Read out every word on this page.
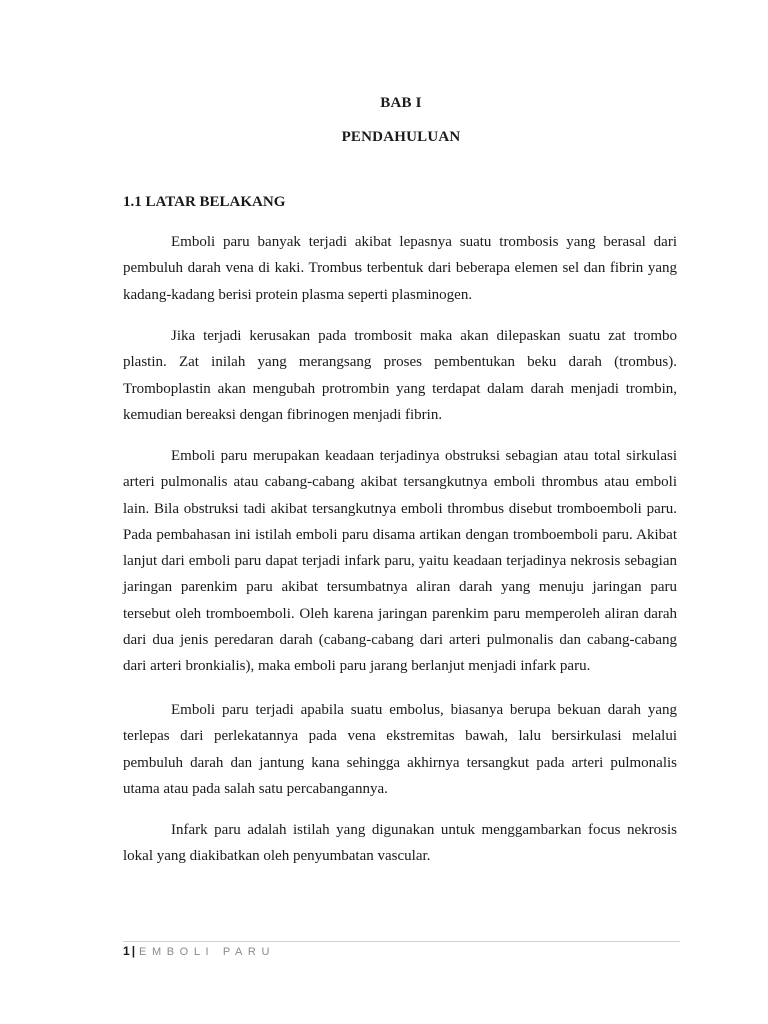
BAB I
PENDAHULUAN
1.1 LATAR BELAKANG

Emboli paru banyak terjadi akibat lepasnya suatu trombosis yang berasal dari pembuluh darah vena di kaki. Trombus terbentuk dari beberapa elemen sel dan fibrin yang kadang-kadang berisi protein plasma seperti plasminogen.

Jika terjadi kerusakan pada trombosit maka akan dilepaskan suatu zat trombo plastin. Zat inilah yang merangsang proses pembentukan beku darah (trombus). Tromboplastin akan mengubah protrombin yang terdapat dalam darah menjadi trombin, kemudian bereaksi dengan fibrinogen menjadi fibrin.

Emboli paru merupakan keadaan terjadinya obstruksi sebagian atau total sirkulasi arteri pulmonalis atau cabang-cabang akibat tersangkutnya emboli thrombus atau emboli lain. Bila obstruksi tadi akibat tersangkutnya emboli thrombus disebut tromboemboli paru. Pada pembahasan ini istilah emboli paru disama artikan dengan tromboemboli paru. Akibat lanjut dari emboli paru dapat terjadi infark paru, yaitu keadaan terjadinya nekrosis sebagian jaringan parenkim paru akibat tersumbatnya aliran darah yang menuju jaringan paru tersebut oleh tromboemboli. Oleh karena jaringan parenkim paru memperoleh aliran darah dari dua jenis peredaran darah (cabang-cabang dari arteri pulmonalis dan cabang-cabang dari arteri bronkialis), maka emboli paru jarang berlanjut menjadi infark paru.

Emboli paru terjadi apabila suatu embolus, biasanya berupa bekuan darah yang terlepas dari perlekatannya pada vena ekstremitas bawah, lalu bersirkulasi melalui pembuluh darah dan jantung kana sehingga akhirnya tersangkut pada arteri pulmonalis utama atau pada salah satu percabangannya.

Infark paru adalah istilah yang digunakan untuk menggambarkan focus nekrosis lokal yang diakibatkan oleh penyumbatan vascular.

1 | EMBOLI PARU
